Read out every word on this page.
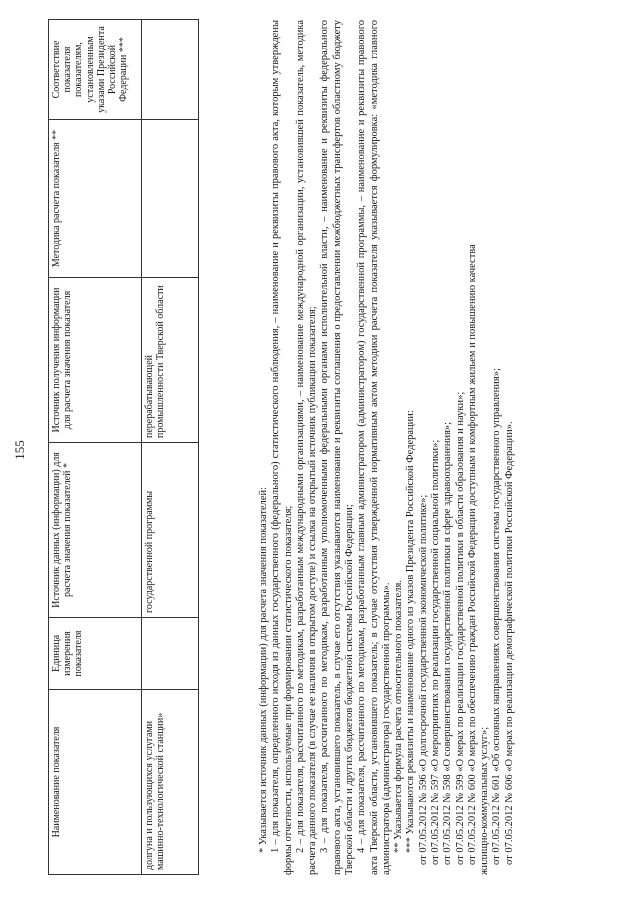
155
Наименование показателя	Единица измерения показателя	Источник данных (информации) для расчета значения показателей *	Источник получения информации для расчета значения показателя	Методика расчета показателя **	Соответствие показателя показателям, установленным указами Президента Российской Федерации ***
долгуна и пользующихся услугами машинно-технологической станции»		государственной программы	перерабатывающей промышленности Тверской области		

* Указывается источник данных (информации) для расчета значения показателей: 1 – для показателя, определенного исходя из данных государственного (федерального) статистического наблюдения, – наименование и реквизиты правового акта, которым утверждены формы отчетности, используемые при формировании статистического показателя; 2 – для показателя, рассчитанного по методикам, разработанным международными организациями, – наименование международной организации, установившей показатель, методика расчета данного показателя (в случае ее наличия в открытом доступе) и ссылка на открытый источник публикации показателя; 3 – для показателя, рассчитанного по методикам, разработанным уполномоченными федеральными органами исполнительной власти, – наименование и реквизиты федерального правового акта, установившего показатель, в случае его отсутствия указываются наименование и реквизиты соглашения о предоставлении межбюджетных трансфертов областному бюджету Тверской области и других бюджетов бюджетной системы Российской Федерации; 4 – для показателя, рассчитанного по методикам, разработанным главным администратором (администратором) государственной программы, – наименование и реквизиты правового акта Тверской области, установившего показатель; в случае отсутствия утвержденной нормативным актом методики расчета показателя указывается формулировка: «методика главного администратора (администратора) государственной программы». ** Указывается формула расчета относительного показателя. *** Указываются реквизиты и наименование одного из указов Президента Российской Федерации: от 07.05.2012 № 596 «О долгосрочной государственной экономической политике»; от 07.05.2012 № 597 «О мероприятиях по реализации государственной социальной политики»; от 07.05.2012 № 598 «О совершенствовании государственной политики в сфере здравоохранения»; от 07.05.2012 № 599 «О мерах по реализации государственной политики в области образования и науки»; от 07.05.2012 № 600 «О мерах по обеспечению граждан Российской Федерации доступным и комфортным жильем и повышению качества жилищно-коммунальных услуг»; от 07.05.2012 № 601 «Об основных направлениях совершенствования системы государственного управления»; от 07.05.2012 № 606 «О мерах по реализации демографической политики Российской Федерации».
